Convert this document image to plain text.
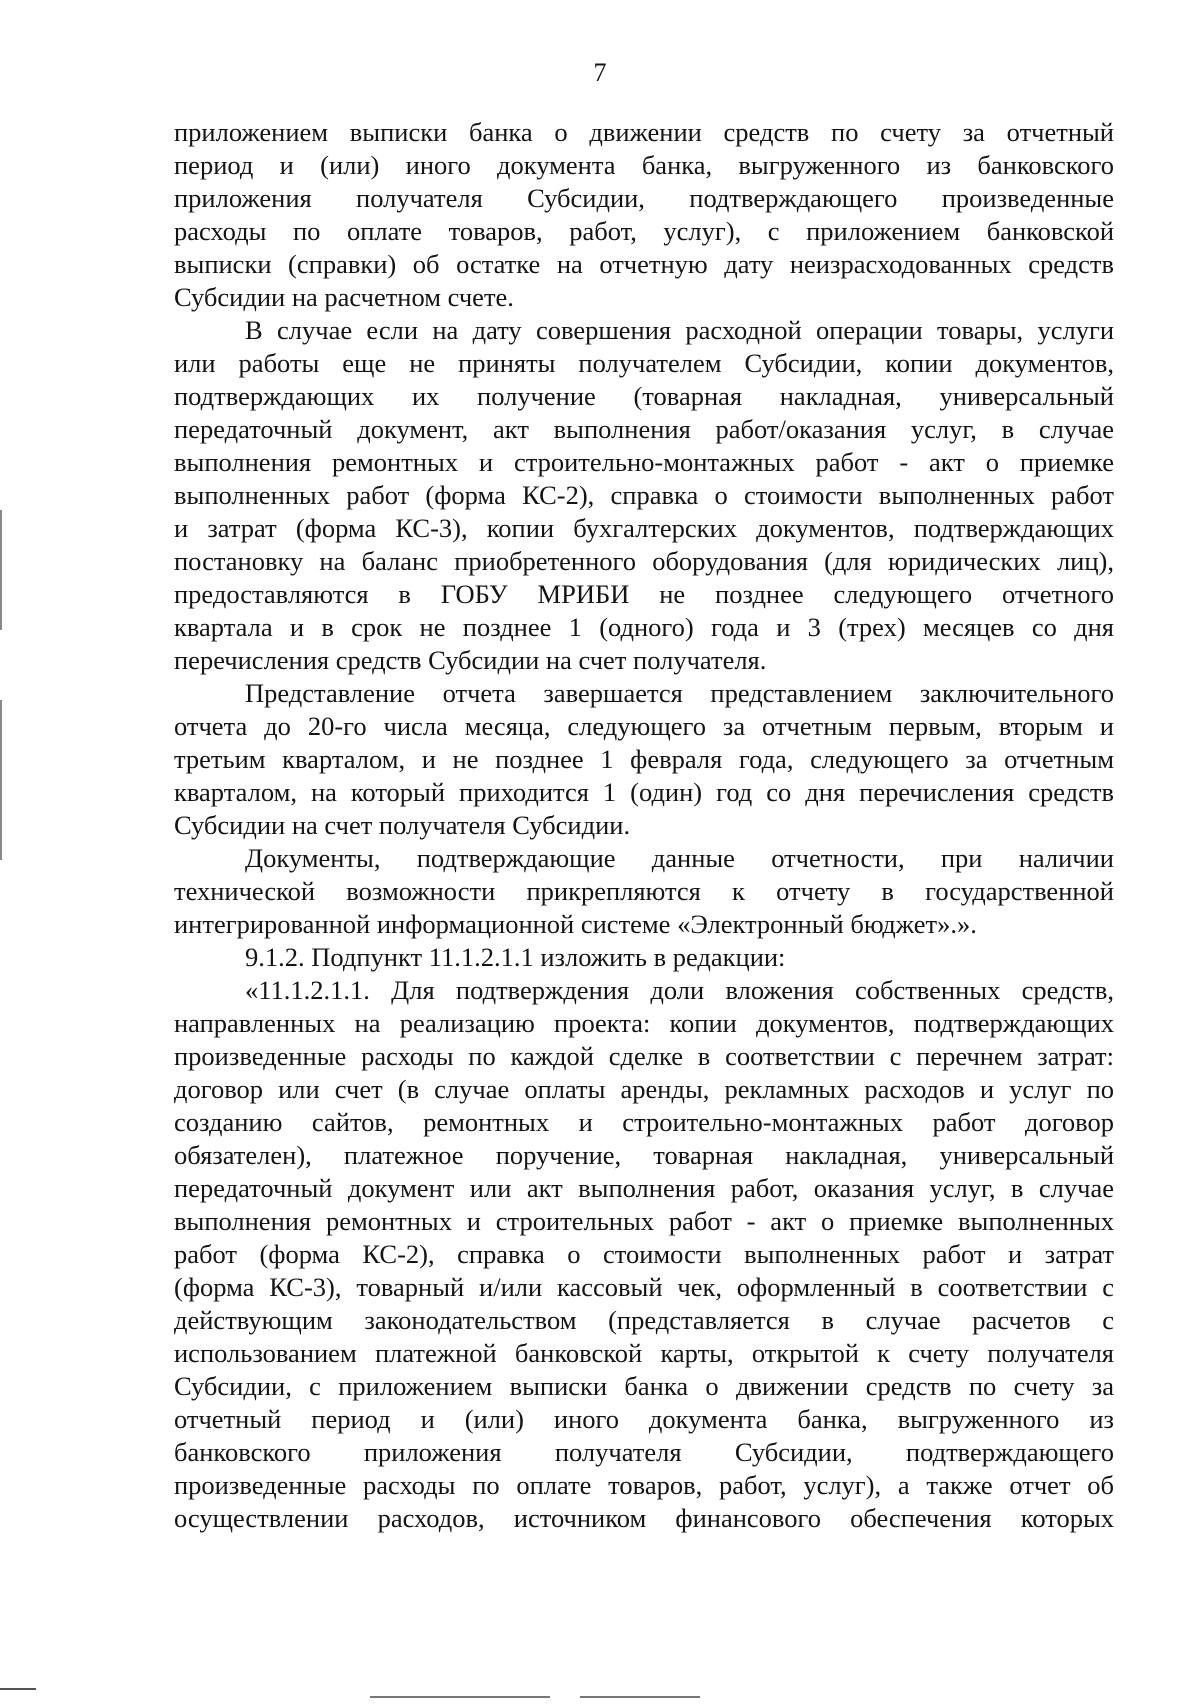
7
приложением выписки банка о движении средств по счету за отчетный
период и (или) иного документа банка, выгруженного из банковского
приложения получателя Субсидии, подтверждающего произведенные
расходы по оплате товаров, работ, услуг), с приложением банковской
выписки (справки) об остатке на отчетную дату неизрасходованных средств
Субсидии на расчетном счете.
В случае если на дату совершения расходной операции товары, услуги
или работы еще не приняты получателем Субсидии, копии документов,
подтверждающих их получение (товарная накладная, универсальный
передаточный документ, акт выполнения работ/оказания услуг, в случае
выполнения ремонтных и строительно-монтажных работ - акт о приемке
выполненных работ (форма КС-2), справка о стоимости выполненных работ
и затрат (форма КС-3), копии бухгалтерских документов, подтверждающих
постановку на баланс приобретенного оборудования (для юридических лиц),
предоставляются в ГОБУ МРИБИ не позднее следующего отчетного
квартала и в срок не позднее 1 (одного) года и 3 (трех) месяцев со дня
перечисления средств Субсидии на счет получателя.
Представление отчета завершается представлением заключительного
отчета до 20-го числа месяца, следующего за отчетным первым, вторым и
третьим кварталом, и не позднее 1 февраля года, следующего за отчетным
кварталом, на который приходится 1 (один) год со дня перечисления средств
Субсидии на счет получателя Субсидии.
Документы, подтверждающие данные отчетности, при наличии
технической возможности прикрепляются к отчету в государственной
интегрированной информационной системе «Электронный бюджет».».
9.1.2. Подпункт 11.1.2.1.1 изложить в редакции:
«11.1.2.1.1. Для подтверждения доли вложения собственных средств,
направленных на реализацию проекта: копии документов, подтверждающих
произведенные расходы по каждой сделке в соответствии с перечнем затрат:
договор или счет (в случае оплаты аренды, рекламных расходов и услуг по
созданию сайтов, ремонтных и строительно-монтажных работ договор
обязателен), платежное поручение, товарная накладная, универсальный
передаточный документ или акт выполнения работ, оказания услуг, в случае
выполнения ремонтных и строительных работ - акт о приемке выполненных
работ (форма КС-2), справка о стоимости выполненных работ и затрат
(форма КС-3), товарный и/или кассовый чек, оформленный в соответствии с
действующим законодательством (представляется в случае расчетов с
использованием платежной банковской карты, открытой к счету получателя
Субсидии, с приложением выписки банка о движении средств по счету за
отчетный период и (или) иного документа банка, выгруженного из
банковского приложения получателя Субсидии, подтверждающего
произведенные расходы по оплате товаров, работ, услуг), а также отчет об
осуществлении расходов, источником финансового обеспечения которых
